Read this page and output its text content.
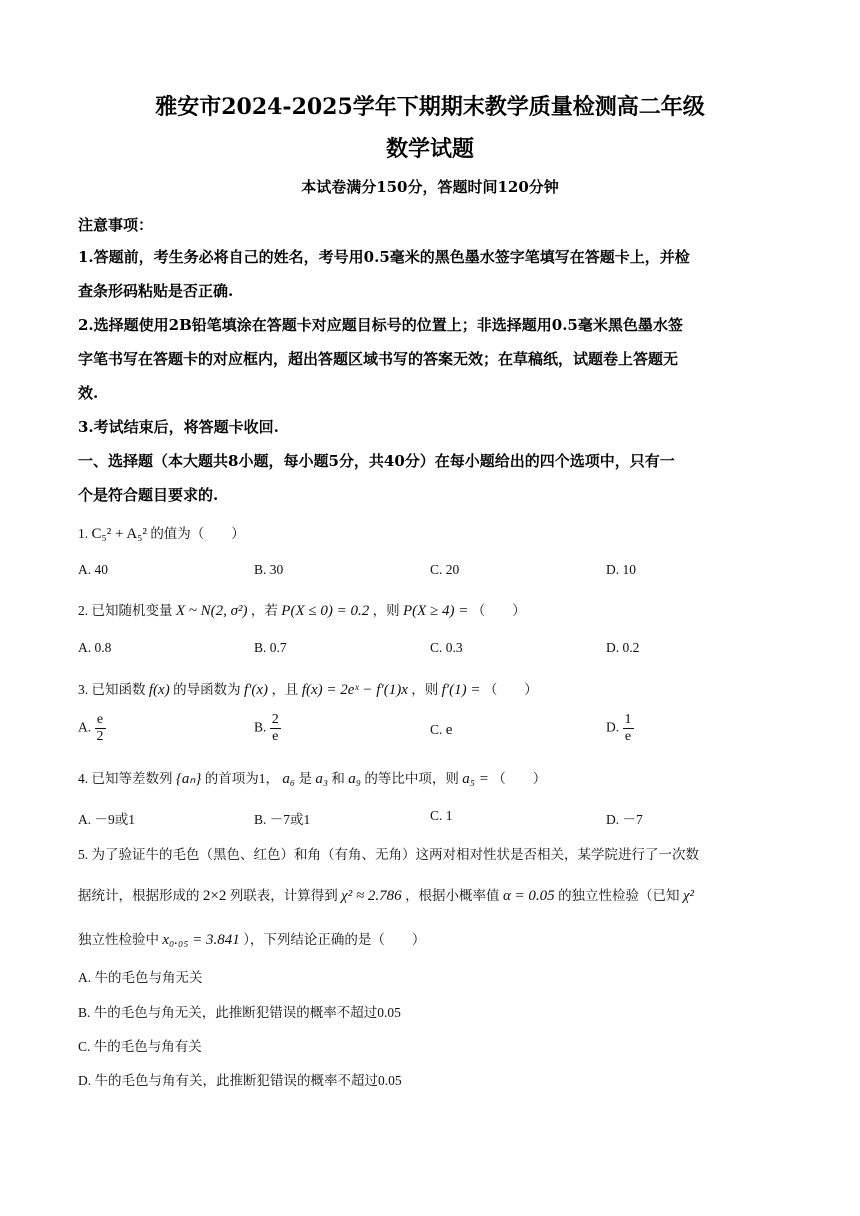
雅安市2024-2025学年下期期末教学质量检测高二年级
数学试题
本试卷满分150分，答题时间120分钟
注意事项：
1.答题前，考生务必将自己的姓名，考号用0.5毫米的黑色墨水签字笔填写在答题卡上，并检
查条形码粘贴是否正确.
2.选择题使用2B铅笔填涂在答题卡对应题目标号的位置上；非选择题用0.5毫米黑色墨水签
字笔书写在答题卡的对应框内，超出答题区域书写的答案无效；在草稿纸，试题卷上答题无
效.
3.考试结束后，将答题卡收回.
一、选择题（本大题共8小题，每小题5分，共40分）在每小题给出的四个选项中，只有一
个是符合题目要求的.
1. C₅² + A₅² 的值为（　　）
A. 40	B. 30	C. 20	D. 10
2. 已知随机变量 X ~ N(2, σ²) ，若 P(X ≤ 0) = 0.2 ，则 P(X ≥ 4) = （　　）
A. 0.8	B. 0.7	C. 0.3	D. 0.2
3. 已知函数 f(x) 的导函数为 f′(x) ，且 f(x) = 2eˣ − f′(1)x ，则 f′(1) = （　　）
A. $\frac{e}{2}$	B. $\frac{2}{e}$	C. e	D. $\frac{1}{e}$
4. 已知等差数列 {aₙ} 的首项为1， a₆ 是 a₃ 和 a₉ 的等比中项，则 a₅ = （　　）
A. －9或1	B. －7或1	C. 1	D. －7
5. 为了验证牛的毛色（黑色、红色）和角（有角、无角）这两对相对性状是否相关，某学院进行了一次数
据统计，根据形成的 2×2 列联表，计算得到 χ² ≈ 2.786 ，根据小概率值 α = 0.05 的独立性检验（已知 χ²
独立性检验中 x₀.₀₅ = 3.841 ），下列结论正确的是（　　）
A. 牛的毛色与角无关
B. 牛的毛色与角无关，此推断犯错误的概率不超过0.05
C. 牛的毛色与角有关
D. 牛的毛色与角有关，此推断犯错误的概率不超过0.05
